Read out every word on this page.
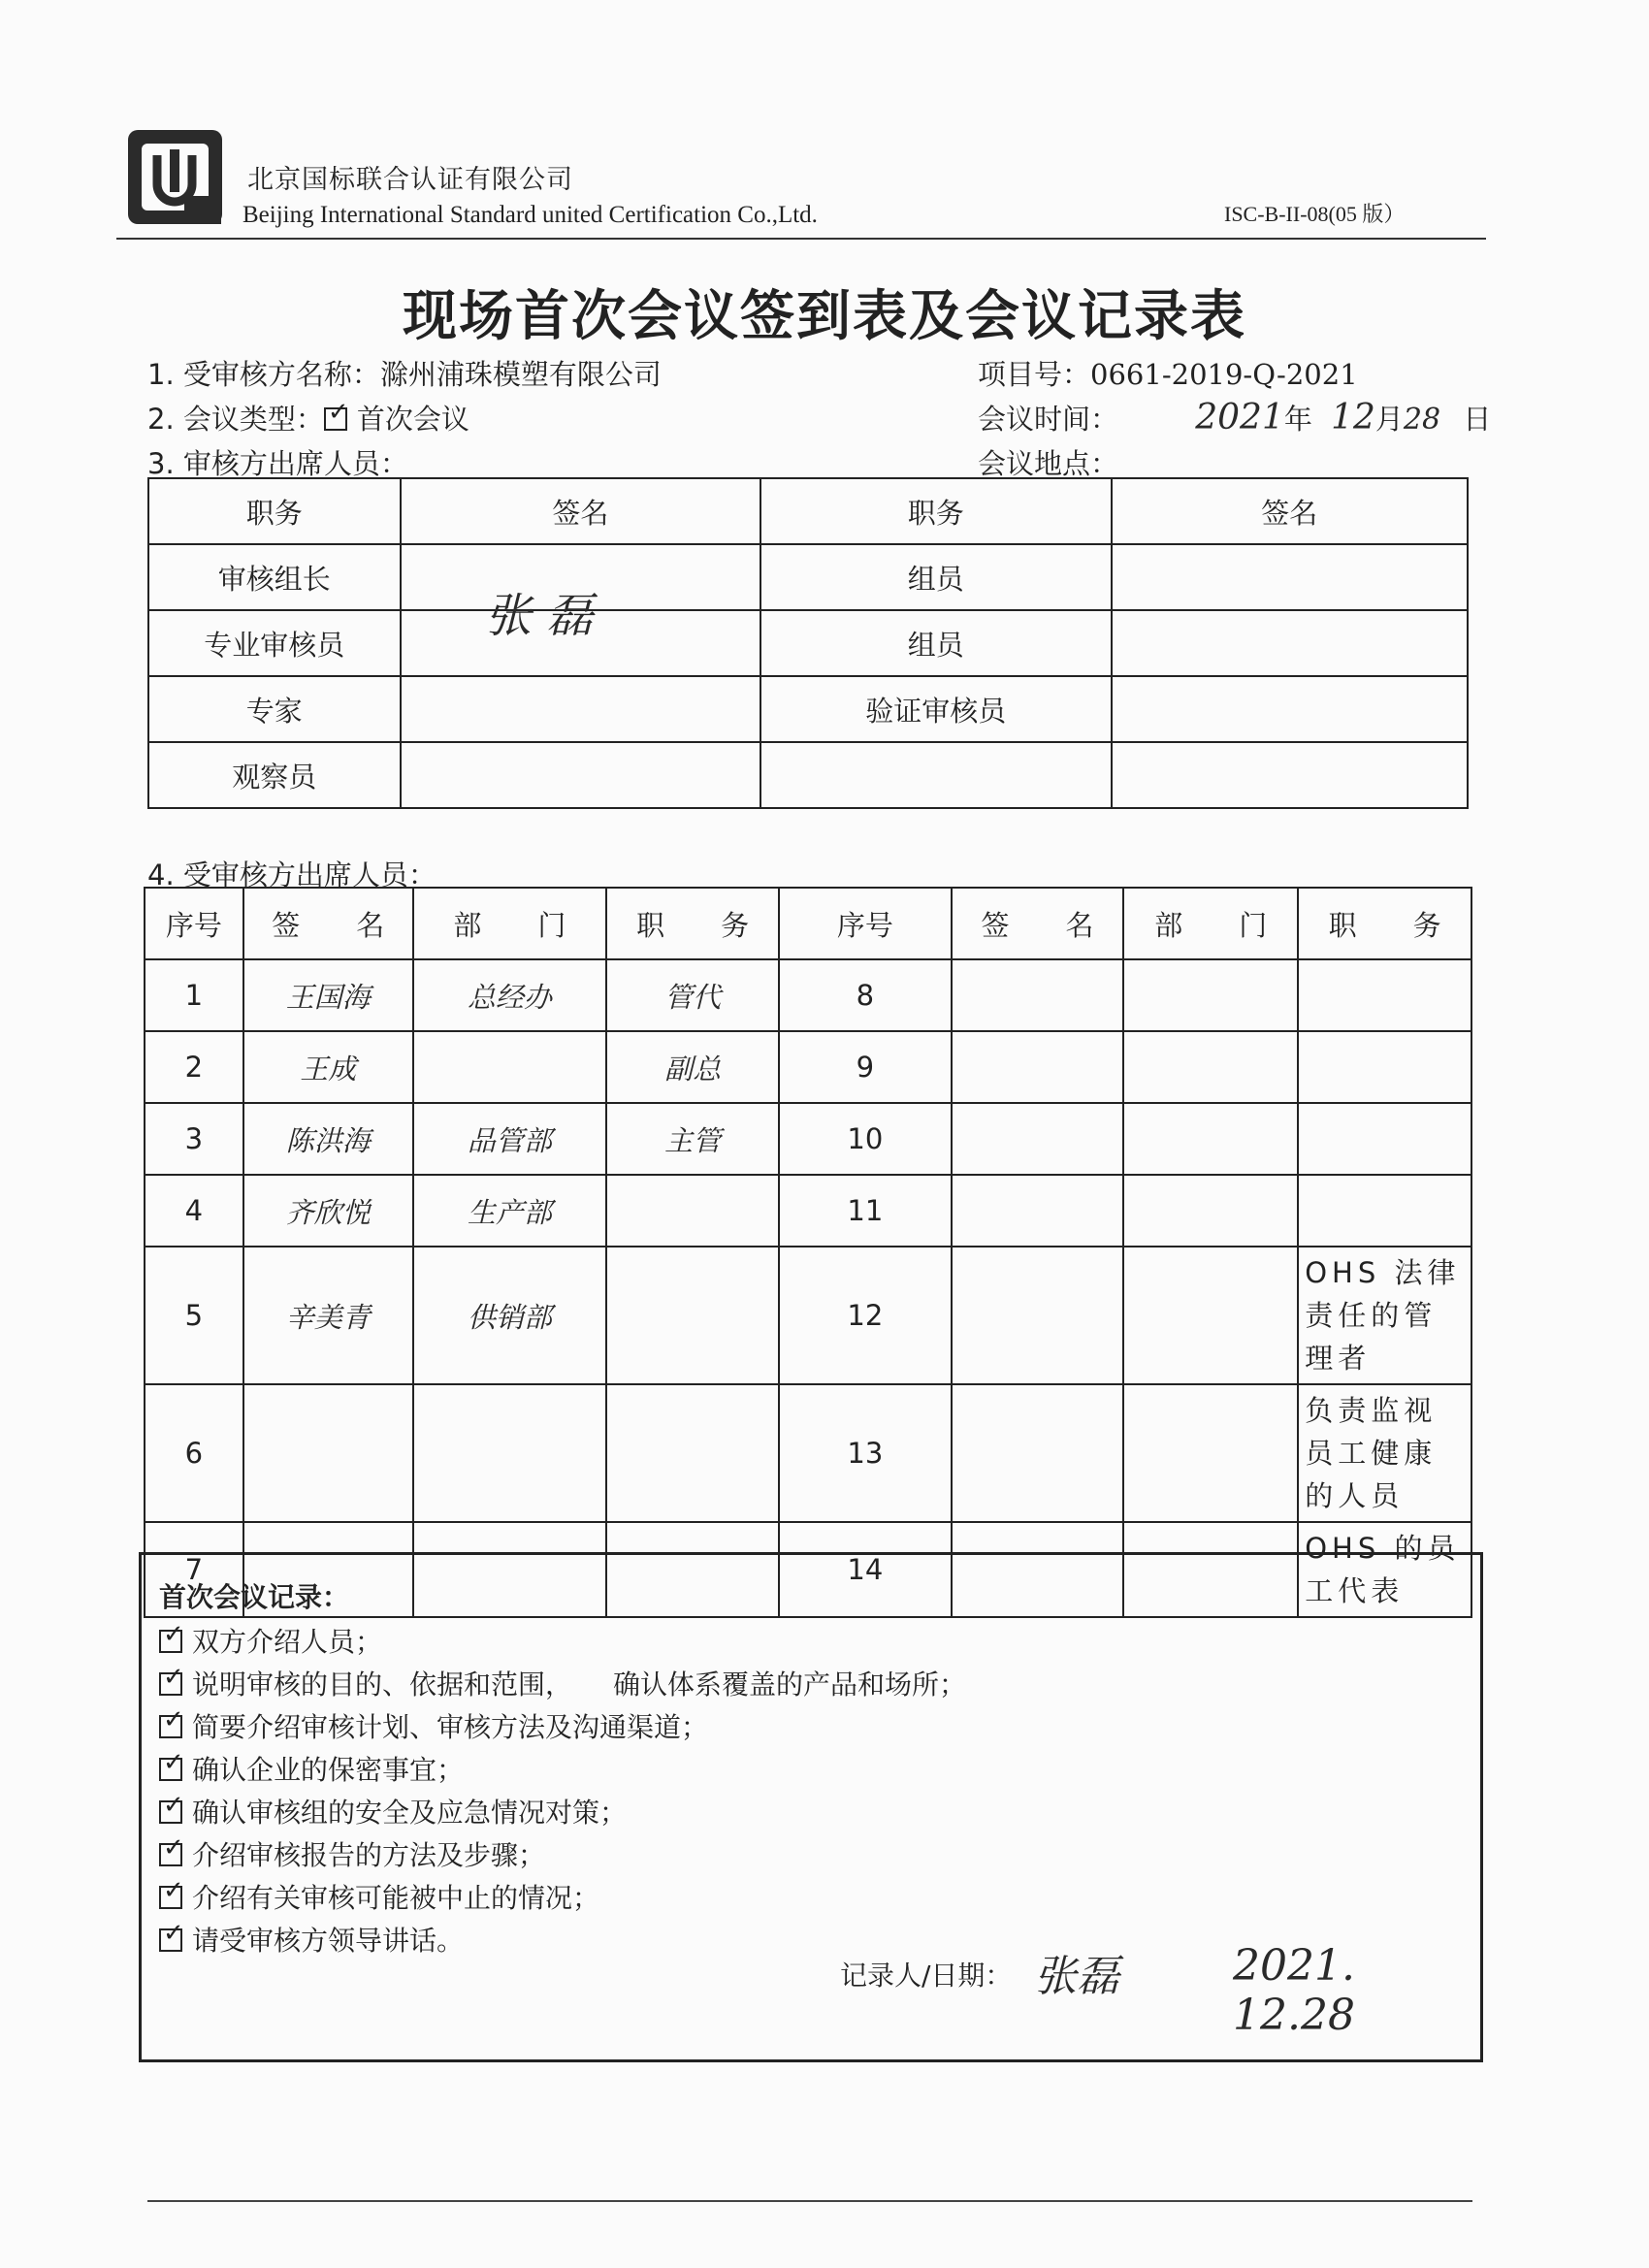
北京国标联合认证有限公司
Beijing International Standard united Certification Co.,Ltd.	ISC-B-II-08(05 版）
现场首次会议签到表及会议记录表
1. 受审核方名称：滁州浦珠模塑有限公司	项目号：0661-2019-Q-2021
2. 会议类型： ✓ 首次会议	会议时间： 2021年 12月28 日
3. 审核方出席人员：	会议地点：
职务	签名	职务	签名
审核组长		组员	
专业审核员		组员	
专家		验证审核员	
观察员			
张 磊
4. 受审核方出席人员：
序号	签　　名	部　　门	职　　务	序号	签　　名	部　　门	职　　务
1	王国海	总经办	管代	8			
2	王成		副总	9			
3	陈洪海	品管部	主管	10			
4	齐欣悦	生产部		11			
5	辛美青	供销部		12			OHS 法律责任的管理者
6				13			负责监视员工健康的人员
7				14			OHS 的员工代表
首次会议记录：
✓双方介绍人员；
✓说明审核的目的、依据和范围，　　确认体系覆盖的产品和场所；
✓简要介绍审核计划、审核方法及沟通渠道；
✓确认企业的保密事宜；
✓确认审核组的安全及应急情况对策；
✓介绍审核报告的方法及步骤；
✓介绍有关审核可能被中止的情况；
✓请受审核方领导讲话。
记录人/日期： 张磊	2021. 12.28
